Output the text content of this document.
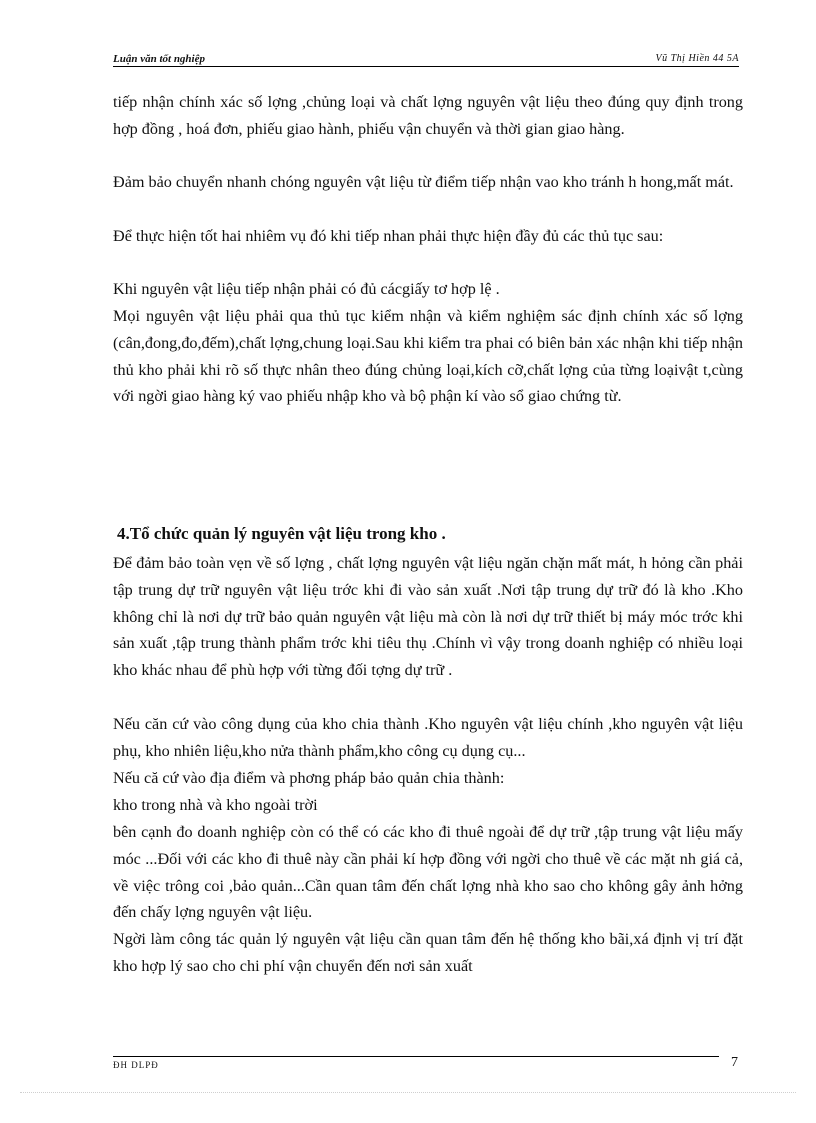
Luận văn tốt nghiệp	Vũ Thị Hiền 44 5A

tiếp nhận chính xác số lợng ,chủng loại và chất lợng nguyên vật liệu theo đúng quy định trong hợp đồng , hoá đơn, phiếu giao hành, phiếu vận chuyển và thời gian giao hàng.

Đảm bảo chuyển nhanh chóng nguyên vật liệu từ điểm tiếp nhận vao kho tránh h hong,mất mát.

Để thực hiện tốt hai nhiêm vụ đó khi tiếp nhan phải thực hiện đầy đủ các thủ tục sau:

Khi nguyên vật liệu tiếp nhận phải có đủ cácgiấy tơ hợp lệ .

Mọi nguyên vật liệu phải qua thủ tục kiểm nhận và kiểm nghiệm sác định chính xác số lợng (cân,đong,đo,đếm),chất lợng,chung loại.Sau khi kiểm tra phai có biên bản xác nhận khi tiếp nhận thủ kho phải khi rõ số thực nhân theo đúng chủng loại,kích cỡ,chất lợng của từng loạivật t,cùng với ngời giao hàng ký vao phiếu nhập kho và bộ phận kí vào sổ giao chứng từ.

4.Tổ chức quản lý nguyên vật liệu trong kho .

Để đảm bảo toàn vẹn về số lợng , chất lợng nguyên vật liệu ngăn chặn mất mát, h hỏng cần phải tập trung dự trữ nguyên vật liệu trớc khi đi vào sản xuất .Nơi tập trung dự trữ đó là kho .Kho không chỉ là nơi dự trữ bảo quản nguyên vật liệu mà còn là nơi dự trữ thiết bị máy móc trớc khi sản xuất ,tập trung thành phẩm trớc khi tiêu thụ .Chính vì vậy trong doanh nghiệp có nhiều loại kho khác nhau để phù hợp với từng đối tợng dự trữ .

Nếu căn cứ vào công dụng của kho chia thành .Kho nguyên vật liệu chính ,kho nguyên vật liệu phụ, kho nhiên liệu,kho nửa thành phẩm,kho công cụ dụng cụ...

Nếu că cứ vào địa điểm và phơng pháp bảo quản chia thành:

kho trong nhà và kho ngoài trời

bên cạnh đo doanh nghiệp còn có thể có các kho đi thuê ngoài để dự trữ ,tập trung vật liệu mấy móc ...Đối với các kho đi thuê này cần phải kí hợp đồng với ngời cho thuê về các mặt nh giá cả, về việc trông coi ,bảo quản...Cần quan tâm đến chất lợng nhà kho sao cho không gây ảnh hởng đến chấy lợng nguyên vật liệu.

Ngời làm công tác quản lý nguyên vật liệu cần quan tâm đến hệ thống kho bãi,xá định vị trí đặt kho hợp lý sao cho chi phí vận chuyển đến nơi sản xuất

ĐH DLPĐ	7
